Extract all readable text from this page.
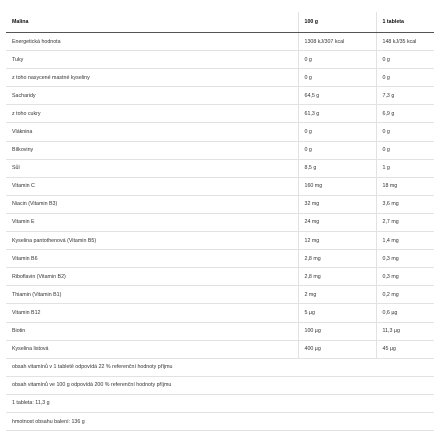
Malina	100 g	1 tableta
Energetická hodnota	1308 kJ/307 kcal	148 kJ/35 kcal
Tuky	0 g	0 g
z toho nasycené mastné kyseliny	0 g	0 g
Sacharidy	64,5 g	7,3 g
z toho cukry	61,3 g	6,9 g
Vláknina	0 g	0 g
Bílkoviny	0 g	0 g
Sůl	8,5 g	1 g
Vitamin C	160 mg	18 mg
Niacin (Vitamin B3)	32 mg	3,6 mg
Vitamin E	24 mg	2,7 mg
Kyselina pantothenová (Vitamin B5)	12 mg	1,4 mg
Vitamin B6	2,8 mg	0,3 mg
Riboflavin (Vitamin B2)	2,8 mg	0,3 mg
Thiamin (Vitamin B1)	2 mg	0,2 mg
Vitamin B12	5 µg	0,6 µg
Biotin	100 µg	11,3 µg
Kyselina listová	400 µg	45 µg
obsah vitamínů v 1 tabletě odpovídá 22 % referenční hodnoty příjmu		
obsah vitamínů ve 100 g odpovídá 200 % referenční hodnoty příjmu		
1 tableta: 11,3 g		
hmotnost obsahu balení: 136 g		
